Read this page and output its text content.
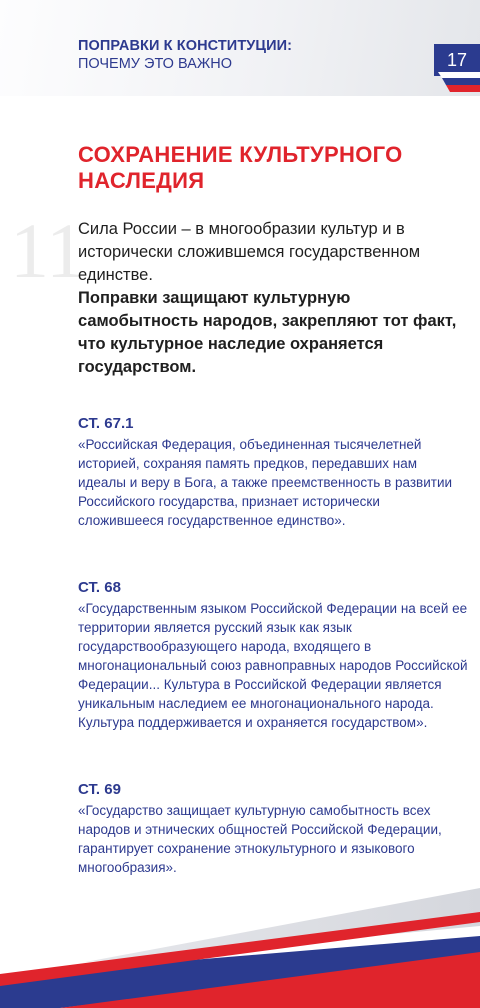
ПОПРАВКИ К КОНСТИТУЦИИ:

ПОЧЕМУ ЭТО ВАЖНО	17
СОХРАНЕНИЕ КУЛЬТУРНОГО НАСЛЕДИЯ
11

Сила России – в многообразии культур и в исторически сложившемся государственном единстве.

Поправки защищают культурную самобытность народов, закрепляют тот факт, что культурное наследие охраняется государством.

СТ. 67.1

«Российская Федерация, объединенная тысячелетней историей, сохраняя память предков, передавших нам идеалы и веру в Бога, а также преемственность в развитии Российского государства, признает исторически сложившееся государственное единство».

СТ. 68

«Государственным языком Российской Федерации на всей ее территории является русский язык как язык государствообразующего народа, входящего в многонациональный союз равноправных народов Российской Федерации... Культура в Российской Федерации является уникальным наследием ее многонационального народа. Культура поддерживается и охраняется государством».

СТ. 69

«Государство защищает культурную самобытность всех народов и этнических общностей Российской Федерации, гарантирует сохранение этнокультурного и языкового многообразия».
